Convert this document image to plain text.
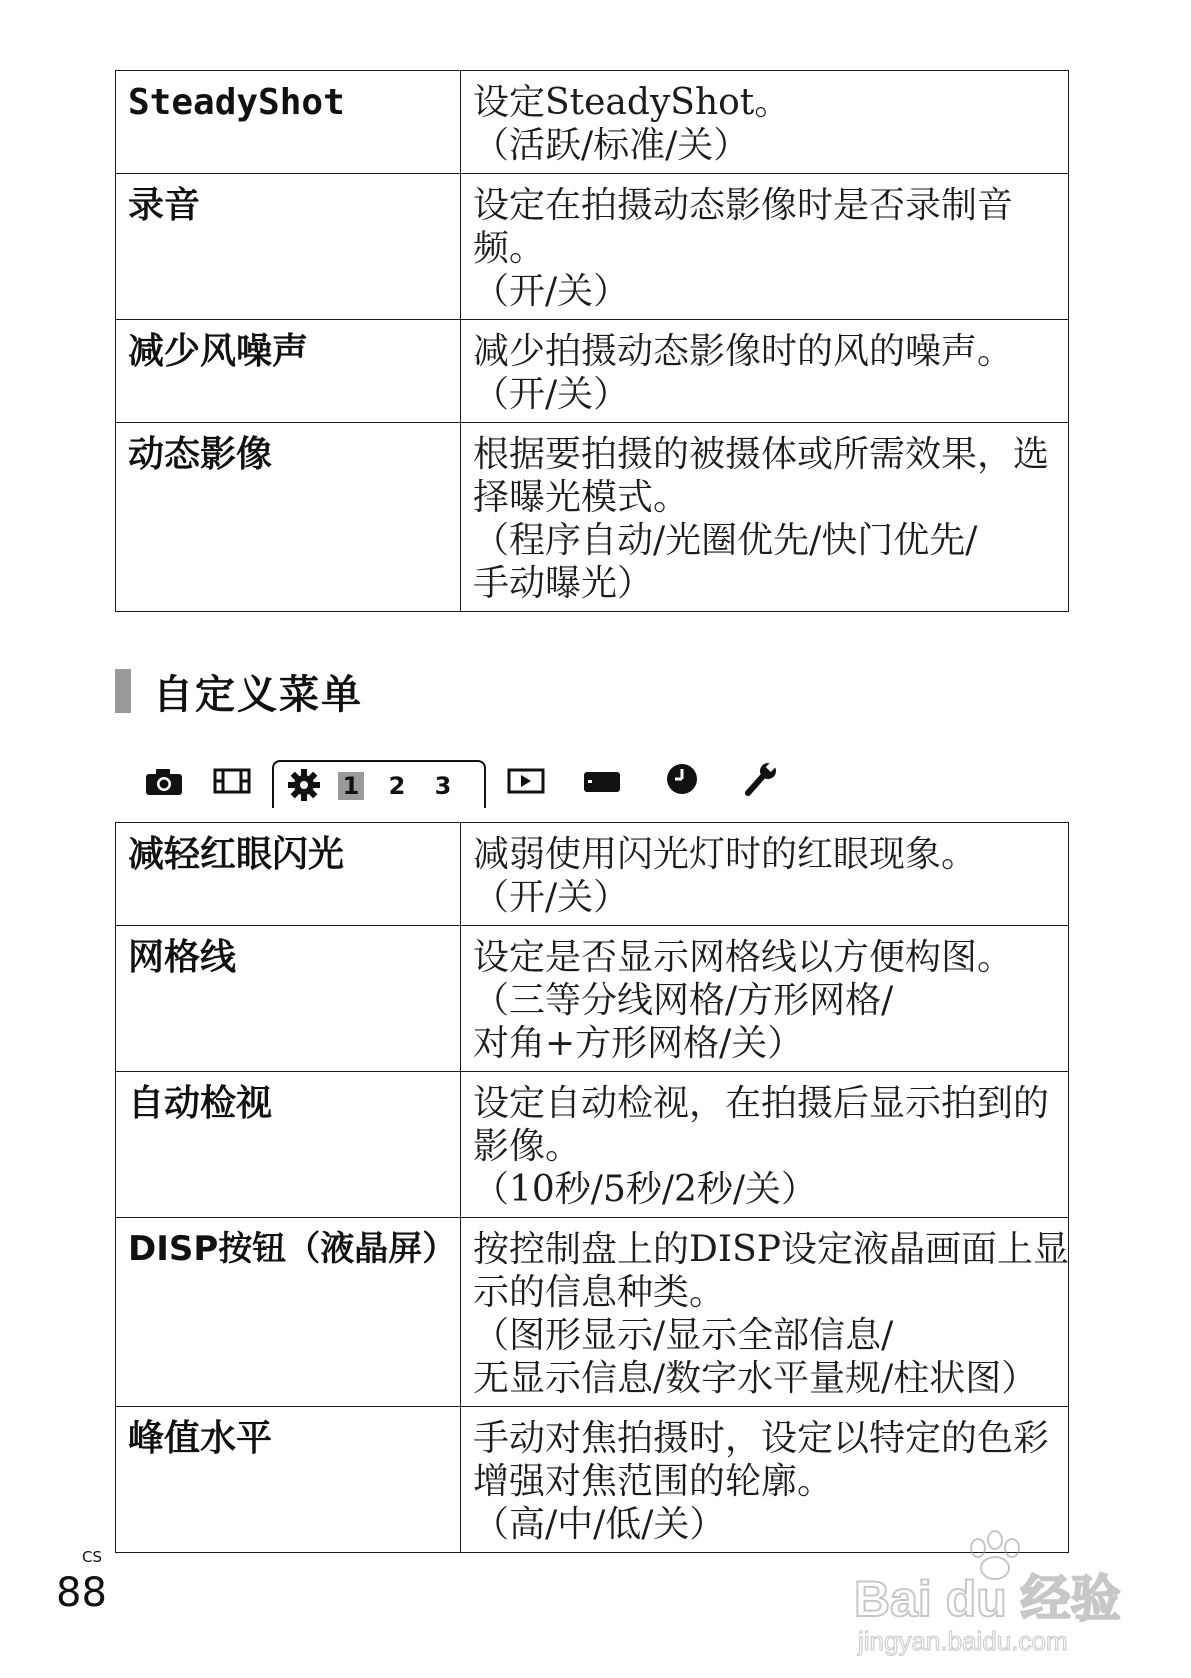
SteadyShot	设定SteadyShot。
（活跃/标准/关）

录音	设定在拍摄动态影像时是否录制音
频。
（开/关）

减少风噪声	减少拍摄动态影像时的风的噪声。
（开/关）

动态影像	根据要拍摄的被摄体或所需效果，选
择曝光模式。
（程序自动/光圈优先/快门优先/
手动曝光）
自定义菜单
1 2 3
减轻红眼闪光	减弱使用闪光灯时的红眼现象。
（开/关）

网格线	设定是否显示网格线以方便构图。
（三等分线网格/方形网格/
对角+方形网格/关）

自动检视	设定自动检视，在拍摄后显示拍到的
影像。
（10秒/5秒/2秒/关）

DISP按钮（液晶屏）	按控制盘上的DISP设定液晶画面上显
示的信息种类。
（图形显示/显示全部信息/
无显示信息/数字水平量规/柱状图）

峰值水平	手动对焦拍摄时，设定以特定的色彩
增强对焦范围的轮廓。
（高/中/低/关）
CS
88	Bai du 经验
jingyan.baidu.com
